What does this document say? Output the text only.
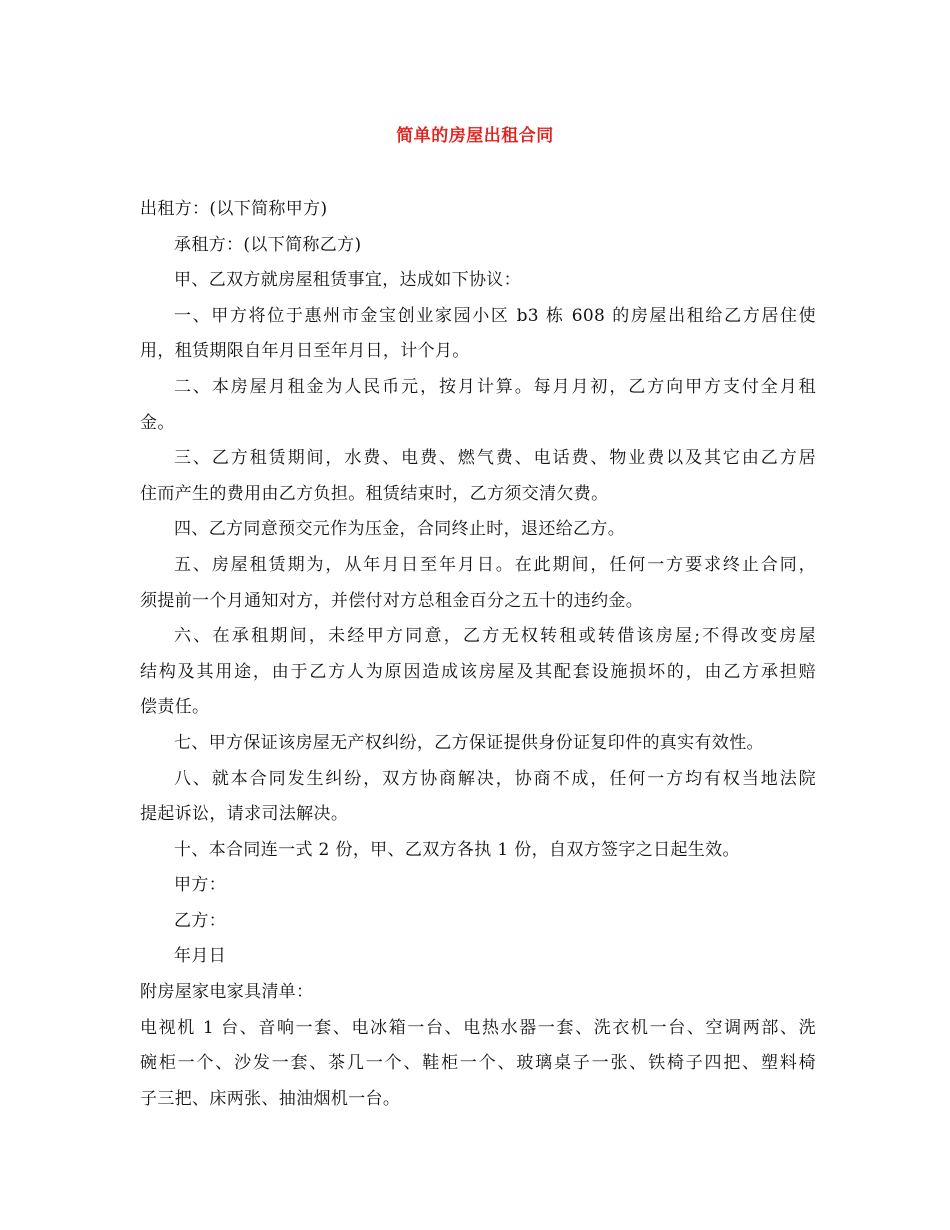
简单的房屋出租合同
出租方：(以下简称甲方)
承租方：(以下简称乙方)
甲、乙双方就房屋租赁事宜，达成如下协议：
一、甲方将位于惠州市金宝创业家园小区 b3 栋 608 的房屋出租给乙方居住使
用，租赁期限自年月日至年月日，计个月。
二、本房屋月租金为人民币元，按月计算。每月月初，乙方向甲方支付全月租
金。
三、乙方租赁期间，水费、电费、燃气费、电话费、物业费以及其它由乙方居
住而产生的费用由乙方负担。租赁结束时，乙方须交清欠费。
四、乙方同意预交元作为压金，合同终止时，退还给乙方。
五、房屋租赁期为，从年月日至年月日。在此期间，任何一方要求终止合同，
须提前一个月通知对方，并偿付对方总租金百分之五十的违约金。
六、在承租期间，未经甲方同意，乙方无权转租或转借该房屋;不得改变房屋
结构及其用途，由于乙方人为原因造成该房屋及其配套设施损坏的，由乙方承担赔
偿责任。
七、甲方保证该房屋无产权纠纷，乙方保证提供身份证复印件的真实有效性。
八、就本合同发生纠纷，双方协商解决，协商不成，任何一方均有权当地法院
提起诉讼，请求司法解决。
十、本合同连一式 2 份，甲、乙双方各执 1 份，自双方签字之日起生效。
甲方：
乙方：
年月日
附房屋家电家具清单：
电视机 1 台、音响一套、电冰箱一台、电热水器一套、洗衣机一台、空调两部、洗
碗柜一个、沙发一套、茶几一个、鞋柜一个、玻璃桌子一张、铁椅子四把、塑料椅
子三把、床两张、抽油烟机一台。
